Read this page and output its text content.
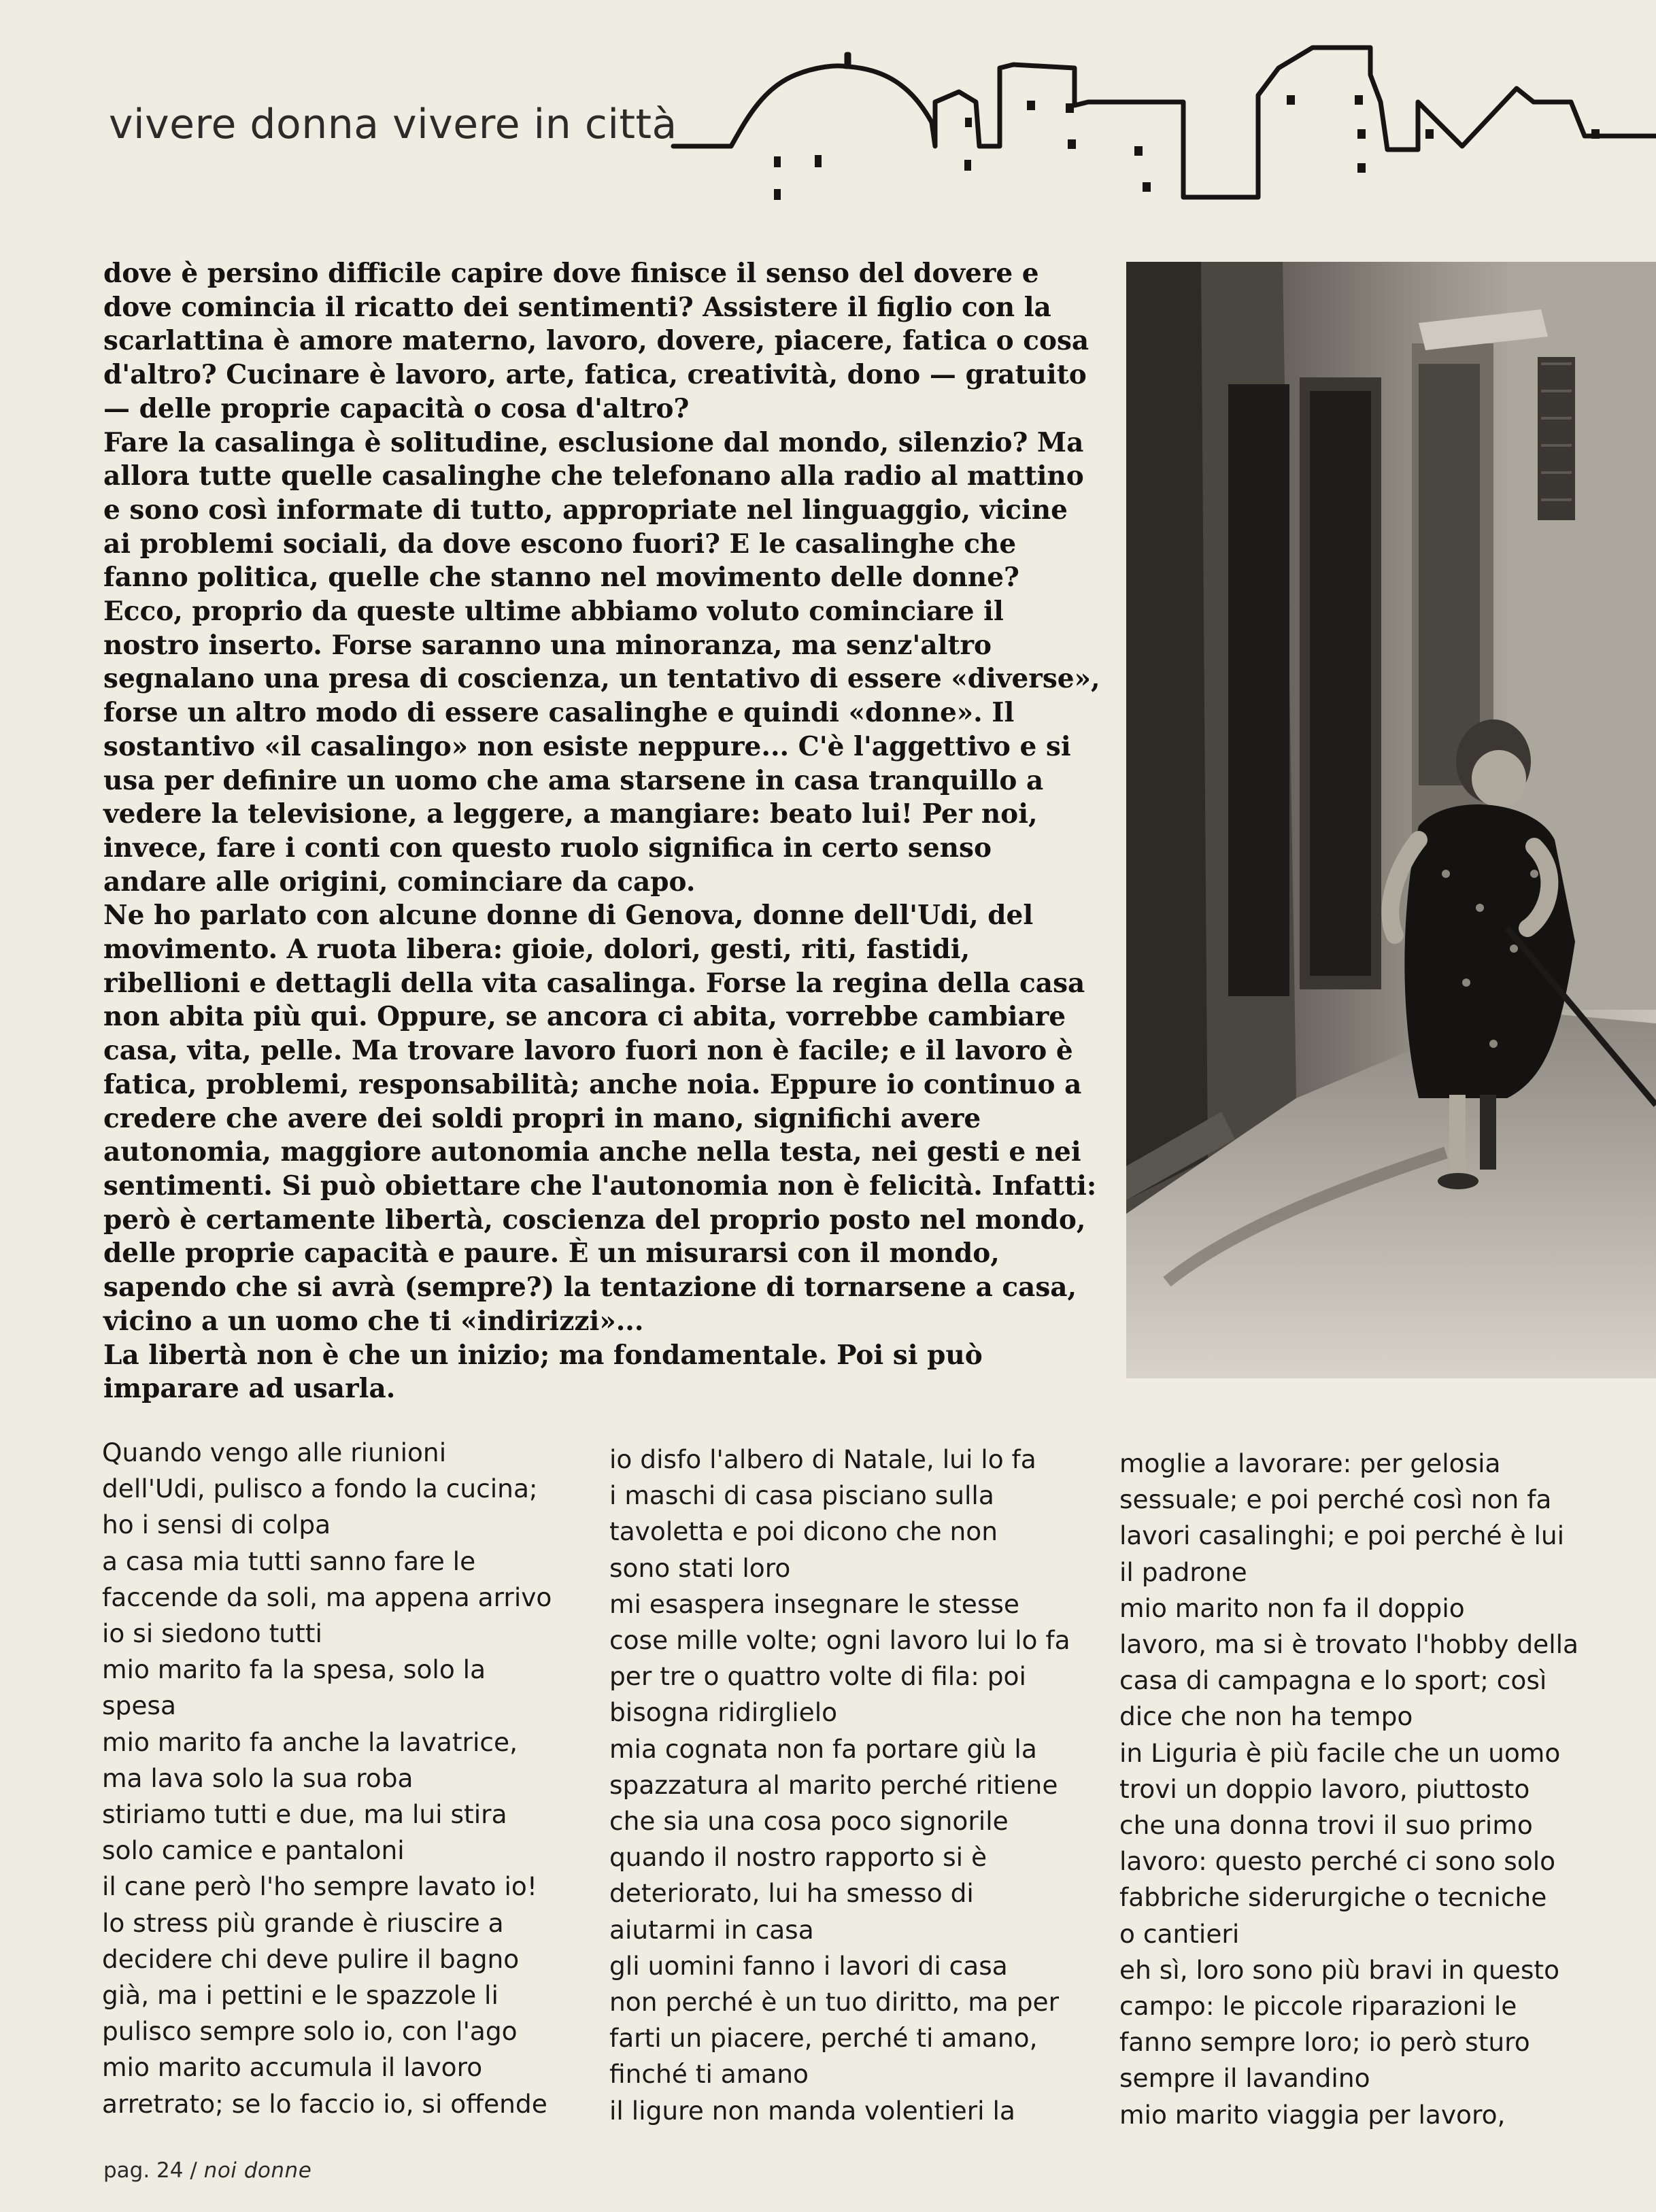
vivere donna vivere in città

dove è persino difficile capire dove finisce il senso del dovere e dove comincia il ricatto dei sentimenti? Assistere il figlio con la scarlattina è amore materno, lavoro, dovere, piacere, fatica o cosa d'altro? Cucinare è lavoro, arte, fatica, creatività, dono — gratuito — delle proprie capacità o cosa d'altro?

Fare la casalinga è solitudine, esclusione dal mondo, silenzio? Ma allora tutte quelle casalinghe che telefonano alla radio al mattino e sono così informate di tutto, appropriate nel linguaggio, vicine ai problemi sociali, da dove escono fuori? E le casalinghe che fanno politica, quelle che stanno nel movimento delle donne?

Ecco, proprio da queste ultime abbiamo voluto cominciare il nostro inserto. Forse saranno una minoranza, ma senz'altro segnalano una presa di coscienza, un tentativo di essere «diverse», forse un altro modo di essere casalinghe e quindi «donne». Il sostantivo «il casalingo» non esiste neppure... C'è l'aggettivo e si usa per definire un uomo che ama starsene in casa tranquillo a vedere la televisione, a leggere, a mangiare: beato lui! Per noi, invece, fare i conti con questo ruolo significa in certo senso andare alle origini, cominciare da capo.

Ne ho parlato con alcune donne di Genova, donne dell'Udi, del movimento. A ruota libera: gioie, dolori, gesti, riti, fastidi, ribellioni e dettagli della vita casalinga. Forse la regina della casa non abita più qui. Oppure, se ancora ci abita, vorrebbe cambiare casa, vita, pelle. Ma trovare lavoro fuori non è facile; e il lavoro è fatica, problemi, responsabilità; anche noia. Eppure io continuo a credere che avere dei soldi propri in mano, significhi avere autonomia, maggiore autonomia anche nella testa, nei gesti e nei sentimenti. Si può obiettare che l'autonomia non è felicità. Infatti: però è certamente libertà, coscienza del proprio posto nel mondo, delle proprie capacità e paure. È un misurarsi con il mondo, sapendo che si avrà (sempre?) la tentazione di tornarsene a casa, vicino a un uomo che ti «indirizzi»...

La libertà non è che un inizio; ma fondamentale. Poi si può imparare ad usarla.

Quando vengo alle riunioni
dell'Udi, pulisco a fondo la cucina;
ho i sensi di colpa
a casa mia tutti sanno fare le
faccende da soli, ma appena arrivo
io si siedono tutti
mio marito fa la spesa, solo la
spesa
mio marito fa anche la lavatrice,
ma lava solo la sua roba
stiriamo tutti e due, ma lui stira
solo camice e pantaloni
il cane però l'ho sempre lavato io!
lo stress più grande è riuscire a
decidere chi deve pulire il bagno
già, ma i pettini e le spazzole li
pulisco sempre solo io, con l'ago
mio marito accumula il lavoro
arretrato; se lo faccio io, si offende
io disfo l'albero di Natale, lui lo fa
i maschi di casa pisciano sulla
tavoletta e poi dicono che non
sono stati loro
mi esaspera insegnare le stesse
cose mille volte; ogni lavoro lui lo fa
per tre o quattro volte di fila: poi
bisogna ridirglielo
mia cognata non fa portare giù la
spazzatura al marito perché ritiene
che sia una cosa poco signorile
quando il nostro rapporto si è
deteriorato, lui ha smesso di
aiutarmi in casa
gli uomini fanno i lavori di casa
non perché è un tuo diritto, ma per
farti un piacere, perché ti amano,
finché ti amano
il ligure non manda volentieri la
moglie a lavorare: per gelosia
sessuale; e poi perché così non fa
lavori casalinghi; e poi perché è lui
il padrone
mio marito non fa il doppio
lavoro, ma si è trovato l'hobby della
casa di campagna e lo sport; così
dice che non ha tempo
in Liguria è più facile che un uomo
trovi un doppio lavoro, piuttosto
che una donna trovi il suo primo
lavoro: questo perché ci sono solo
fabbriche siderurgiche o tecniche
o cantieri
eh sì, loro sono più bravi in questo
campo: le piccole riparazioni le
fanno sempre loro; io però sturo
sempre il lavandino
mio marito viaggia per lavoro,
pag. 24 / noi donne
